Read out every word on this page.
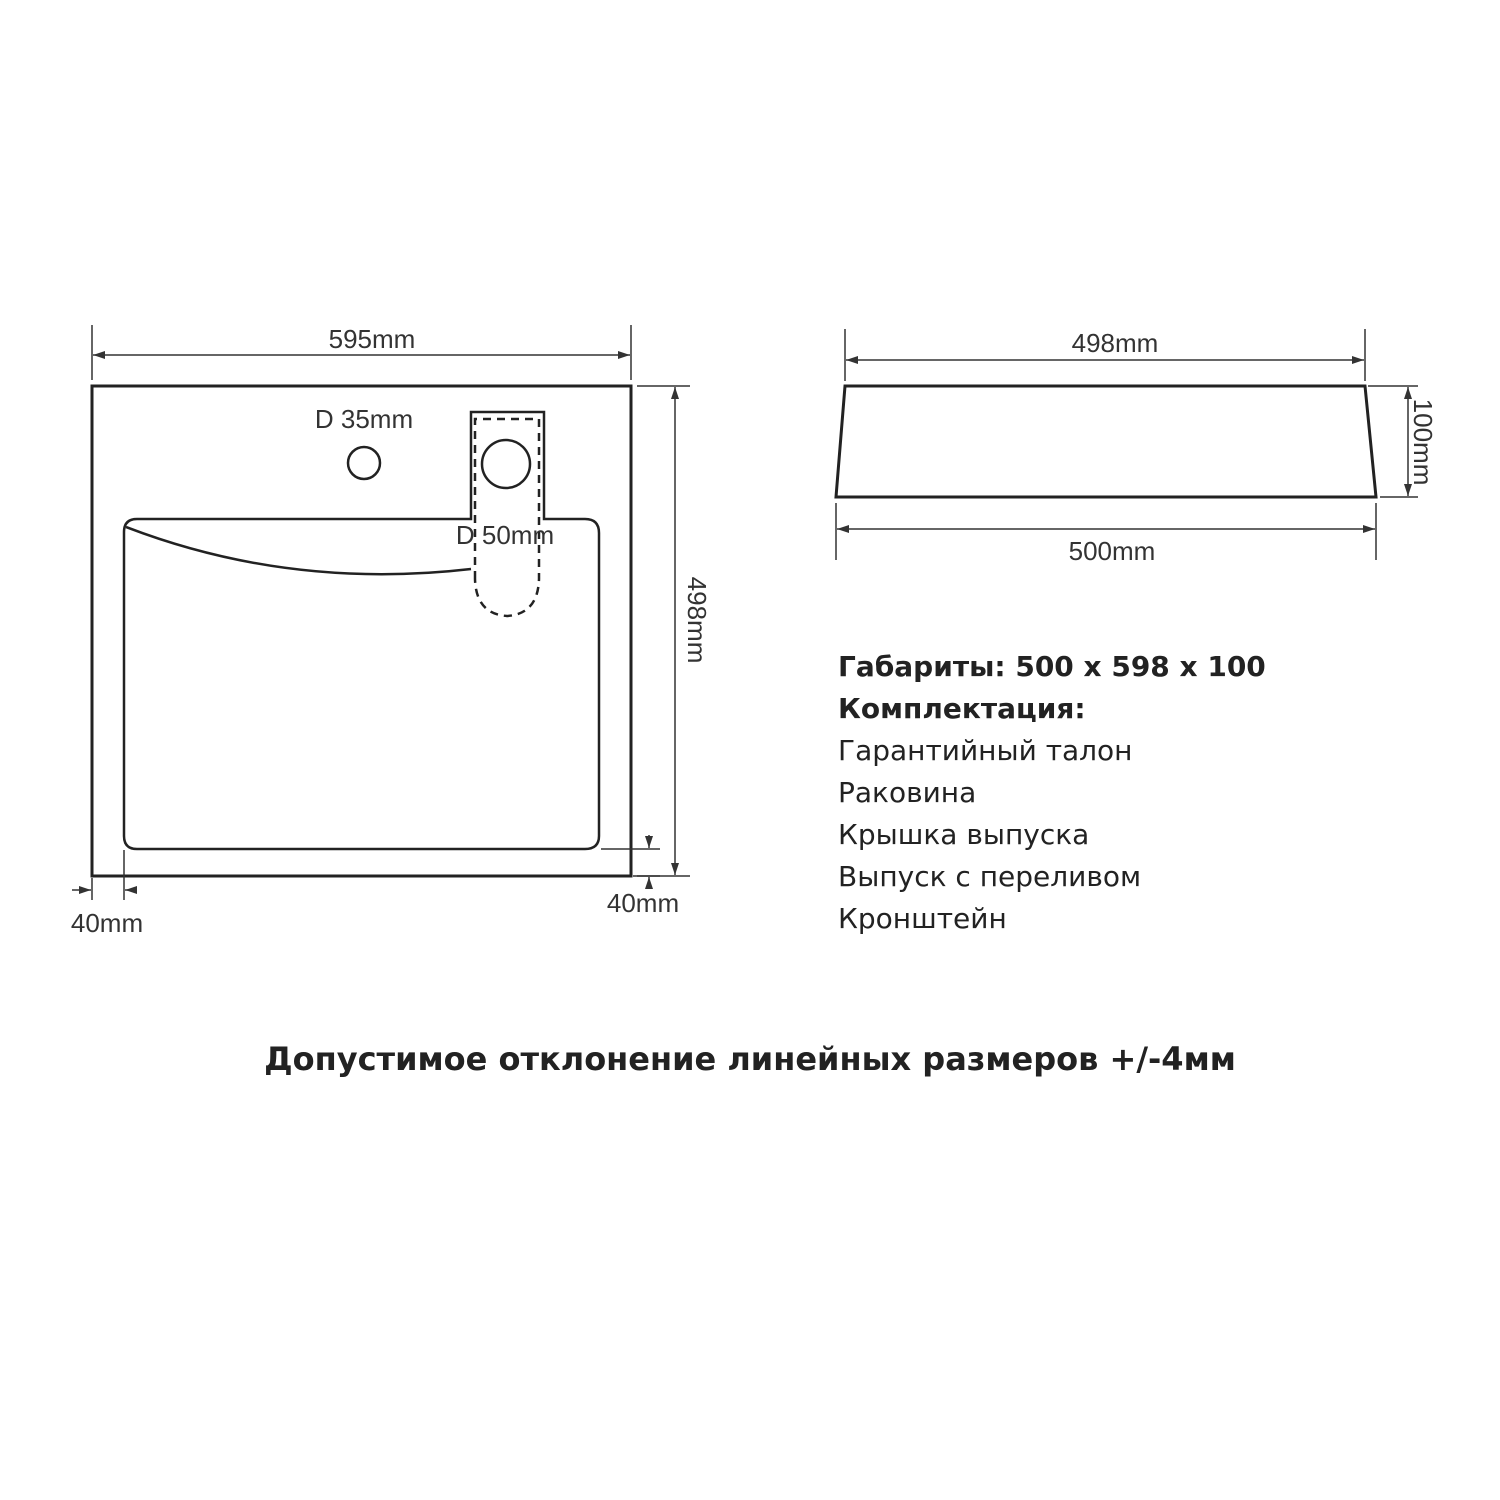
595mm
498mm
D 35mm
D 50mm
40mm
40mm
498mm
500mm
100mm
Габариты: 500 х 598 х 100
Комплектация:
Гарантийный талон
Раковина
Крышка выпуска
Выпуск с переливом
Кронштейн
Допустимое отклонение линейных размеров +/-4мм
